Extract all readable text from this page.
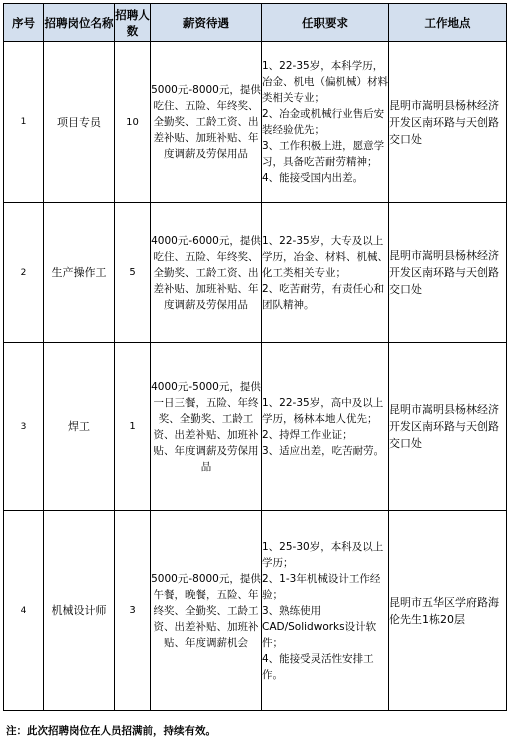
序号	招聘岗位名称	招聘人数	薪资待遇	任职要求	工作地点
1	项目专员	10	5000元-8000元，提供吃住、五险、年终奖、全勤奖、工龄工资、出差补贴、加班补贴、年度调薪及劳保用品	1、22-35岁，本科学历，冶金、机电（偏机械）材料类相关专业；
2、冶金或机械行业售后安装经验优先；
3、工作积极上进，愿意学习，具备吃苦耐劳精神；
4、能接受国内出差。	昆明市嵩明县杨林经济开发区南环路与天创路交口处
2	生产操作工	5	4000元-6000元，提供吃住、五险、年终奖、全勤奖、工龄工资、出差补贴、加班补贴、年度调薪及劳保用品	1、22-35岁，大专及以上学历，冶金、材料、机械、化工类相关专业；
2、吃苦耐劳，有责任心和团队精神。	昆明市嵩明县杨林经济开发区南环路与天创路交口处
3	焊工	1	4000元-5000元，提供一日三餐，五险、年终奖、全勤奖、工龄工资、出差补贴、加班补贴、年度调薪及劳保用品	1、22-35岁，高中及以上学历，杨林本地人优先；
2、持焊工作业证；
3、适应出差，吃苦耐劳。	昆明市嵩明县杨林经济开发区南环路与天创路交口处
4	机械设计师	3	5000元-8000元，提供午餐，晚餐，五险、年终奖、全勤奖、工龄工资、出差补贴、加班补贴、年度调薪机会	1、25-30岁，本科及以上学历；
2、1-3年机械设计工作经验；
3、熟练使用CAD/Solidworks设计软件；
4、能接受灵活性安排工作。	昆明市五华区学府路海伦先生1栋20层
注：此次招聘岗位在人员招满前，持续有效。
